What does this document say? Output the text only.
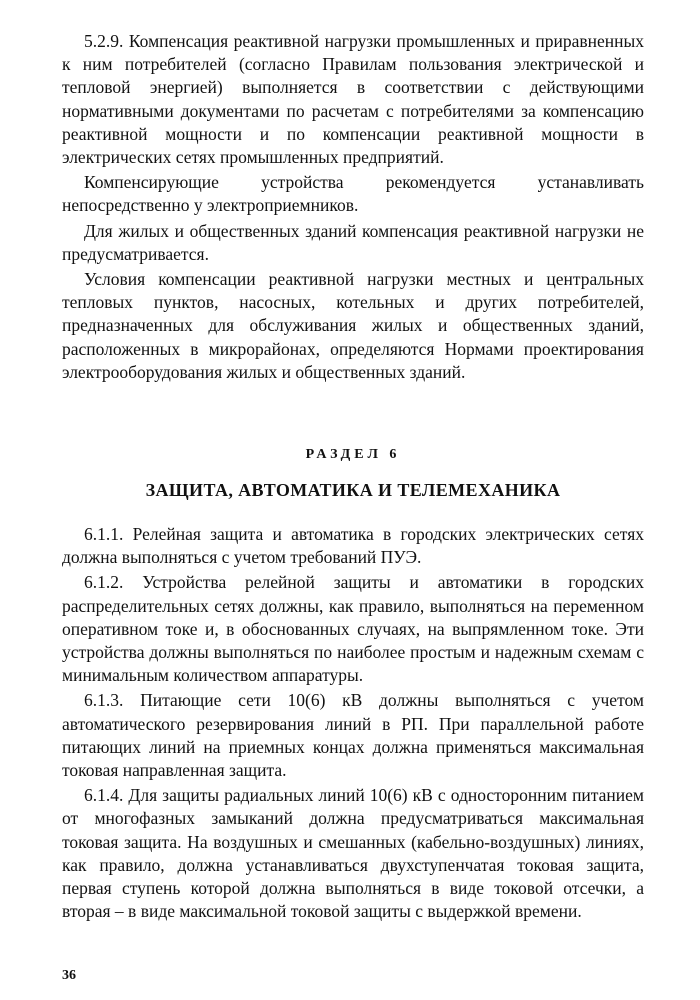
5.2.9. Компенсация реактивной нагрузки промышленных и приравненных к ним потребителей (согласно Правилам пользования электрической и тепловой энергией) выполняется в соответствии с действующими нормативными документами по расчетам с потребителями за компенсацию реактивной мощности и по компенсации реактивной мощности в электрических сетях промышленных предприятий.

Компенсирующие устройства рекомендуется устанавливать непосредственно у электроприемников.

Для жилых и общественных зданий компенсация реактивной нагрузки не предусматривается.

Условия компенсации реактивной нагрузки местных и центральных тепловых пунктов, насосных, котельных и других потребителей, предназначенных для обслуживания жилых и общественных зданий, расположенных в микрорайонах, определяются Нормами проектирования электрооборудования жилых и общественных зданий.

РАЗДЕЛ 6
ЗАЩИТА, АВТОМАТИКА И ТЕЛЕМЕХАНИКА

6.1.1. Релейная защита и автоматика в городских электрических сетях должна выполняться с учетом требований ПУЭ.

6.1.2. Устройства релейной защиты и автоматики в городских распределительных сетях должны, как правило, выполняться на переменном оперативном токе и, в обоснованных случаях, на выпрямленном токе. Эти устройства должны выполняться по наиболее простым и надежным схемам с минимальным количеством аппаратуры.

6.1.3. Питающие сети 10(6) кВ должны выполняться с учетом автоматического резервирования линий в РП. При параллельной работе питающих линий на приемных концах должна применяться максимальная токовая направленная защита.

6.1.4. Для защиты радиальных линий 10(6) кВ с односторонним питанием от многофазных замыканий должна предусматриваться максимальная токовая защита. На воздушных и смешанных (кабельно-воздушных) линиях, как правило, должна устанавливаться двухступенчатая токовая защита, первая ступень которой должна выполняться в виде токовой отсечки, а вторая – в виде максимальной токовой защиты с выдержкой времени.

36
